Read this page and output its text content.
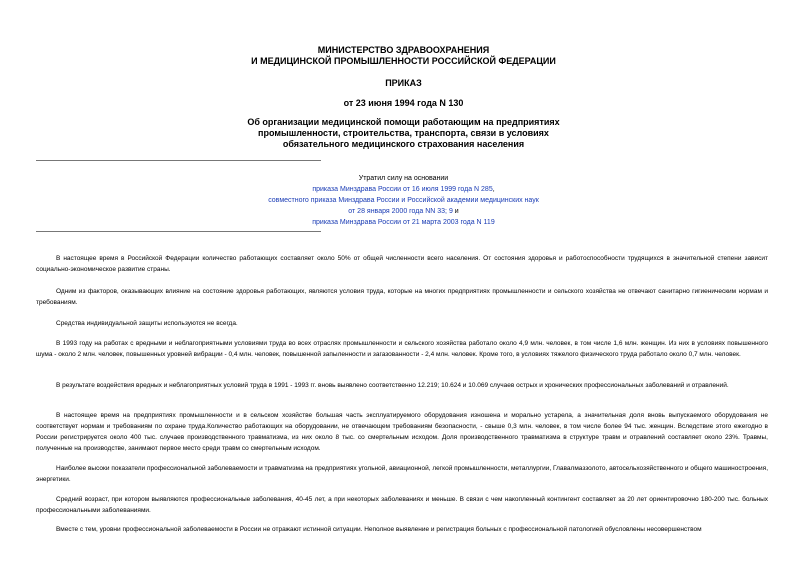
МИНИСТЕРСТВО ЗДРАВООХРАНЕНИЯ
И МЕДИЦИНСКОЙ ПРОМЫШЛЕННОСТИ РОССИЙСКОЙ ФЕДЕРАЦИИ
ПРИКАЗ
от 23 июня 1994 года N 130
Об организации медицинской помощи работающим на предприятиях
промышленности, строительства, транспорта, связи в условиях
обязательного медицинского страхования населения
Утратил силу на основании
приказа Минздрава России от 16 июля 1999 года N 285,
совместного приказа Минздрава России и Российской академии медицинских наук
от 28 января 2000 года NN 33; 9 и
приказа Минздрава России от 21 марта 2003 года N 119

В настоящее время в Российской Федерации количество работающих составляет около 50% от общей численности всего населения. От состояния здоровья и работоспособности трудящихся в значительной степени зависит социально-экономическое развитие страны.

Одним из факторов, оказывающих влияние на состояние здоровья работающих, являются условия труда, которые на многих предприятиях промышленности и сельского хозяйства не отвечают санитарно гигиеническим нормам и требованиям.

Средства индивидуальной защиты используются не всегда.

В 1993 году на работах с вредными и неблагоприятными условиями труда во всех отраслях промышленности и сельского хозяйства работало около 4,9 млн. человек, в том числе 1,6 млн. женщин. Из них в условиях повышенного шума - около 2 млн. человек, повышенных уровней вибрации - 0,4 млн. человек, повышенной запыленности и загазованности - 2,4 млн. человек. Кроме того, в условиях тяжелого физического труда работало около 0,7 млн. человек.

В результате воздействия вредных и неблагоприятных условий труда в 1991 - 1993 гг. вновь выявлено соответственно 12.219; 10.624 и 10.069 случаев острых и хронических профессиональных заболеваний и отравлений.

В настоящее время на предприятиях промышленности и в сельском хозяйстве большая часть эксплуатируемого оборудования изношена и морально устарела, а значительная доля вновь выпускаемого оборудования не соответствует нормам и требованиям по охране труда.Количество работающих на оборудовании, не отвечающем требованиям безопасности, - свыше 0,3 млн. человек, в том числе более 94 тыс. женщин. Вследствие этого ежегодно в России регистрируется около 400 тыс. случаев производственного травматизма, из них около 8 тыс. со смертельным исходом. Доля производственного травматизма в структуре травм и отравлений составляет около 23%. Травмы, полученные на производстве, занимают первое место среди травм со смертельным исходом.

Наиболее высоки показатели профессиональной заболеваемости и травматизма на предприятиях угольной, авиационной, легкой промышленности, металлургии, Главалмаззолото, автосельхозяйственного и общего машиностроения, энергетики.

Средний возраст, при котором выявляются профессиональные заболевания, 40-45 лет, а при некоторых заболеваниях и меньше. В связи с чем накопленный контингент составляет за 20 лет ориентировочно 180-200 тыс. больных профессиональными заболеваниями.

Вместе с тем, уровни профессиональной заболеваемости в России не отражают истинной ситуации. Неполное выявление и регистрация больных с профессиональной патологией обусловлены несовершенством
